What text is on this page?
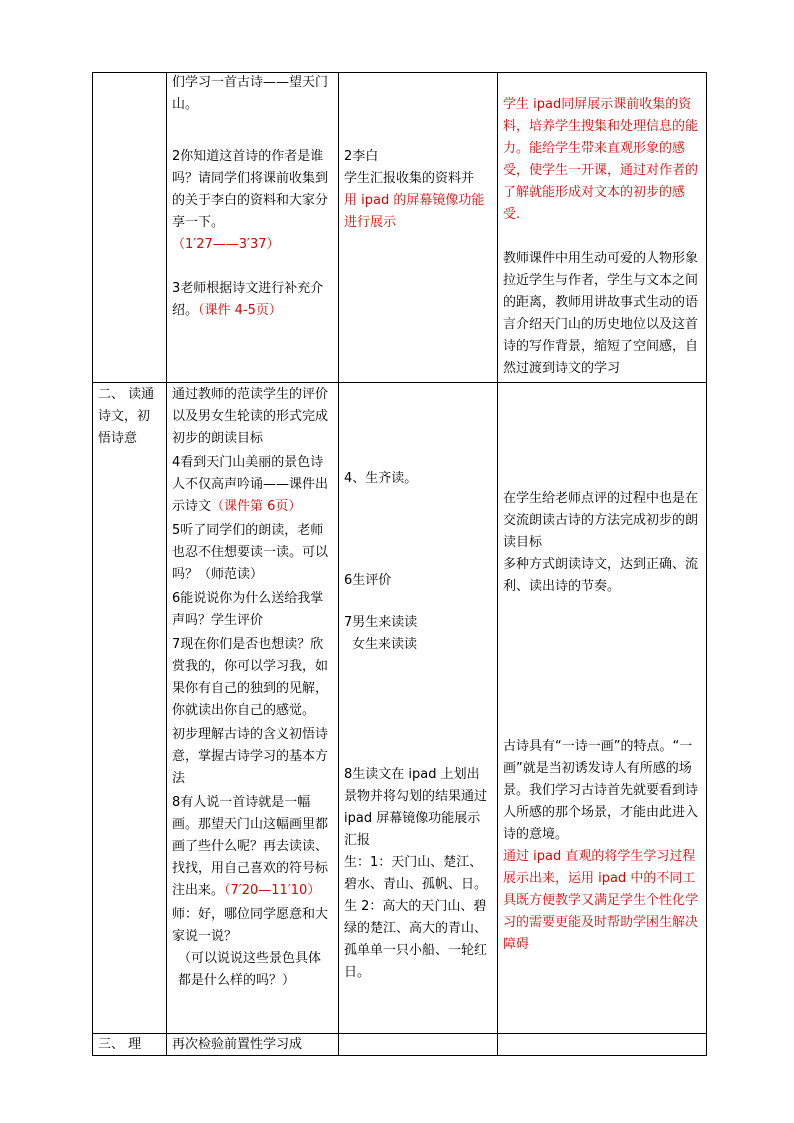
们学习一首古诗——望天门山。

2你知道这首诗的作者是谁吗？请同学们将课前收集到的关于李白的资料和大家分享一下。
（1′27——3′37）

3老师根据诗文进行补充介绍。（课件 4-5页）

2李白

学生汇报收集的资料并

用 ipad 的屏幕镜像功能进行展示

学生 ipad同屏展示课前收集的资料，培养学生搜集和处理信息的能力。能给学生带来直观形象的感受，使学生一开课，通过对作者的了解就能形成对文本的初步的感受.

教师课件中用生动可爱的人物形象拉近学生与作者，学生与文本之间的距离，教师用讲故事式生动的语言介绍天门山的历史地位以及这首诗的写作背景，缩短了空间感，自然过渡到诗文的学习

二、 读通诗文，初悟诗意

通过教师的范读学生的评价以及男女生轮读的形式完成初步的朗读目标

4看到天门山美丽的景色诗人不仅高声吟诵——课件出示诗文（课件第 6页）

5听了同学们的朗读，老师也忍不住想要读一读。可以吗？（师范读）

6能说说你为什么送给我掌声吗？学生评价

7现在你们是否也想读？欣赏我的，你可以学习我，如果你有自己的独到的见解，你就读出你自己的感觉。

初步理解古诗的含义初悟诗意，掌握古诗学习的基本方法

8有人说一首诗就是一幅画。那望天门山这幅画里都画了些什么呢？再去读读、找找，用自己喜欢的符号标注出来。（7′20—11′10）

师：好，哪位同学愿意和大家说一说？

（可以说说这些景色具体都是什么样的吗？）

4、生齐读。

6生评价

7男生来读读

女生来读读

8生读文在 ipad 上划出景物并将勾划的结果通过 ipad 屏幕镜像功能展示

汇报

生：1：天门山、楚江、碧水、青山、孤帆、日。

生 2：高大的天门山、碧绿的楚江、高大的青山、孤单单一只小船、一轮红日。

在学生给老师点评的过程中也是在交流朗读古诗的方法完成初步的朗读目标

多种方式朗读诗文，达到正确、流利、读出诗的节奏。

古诗具有“一诗一画”的特点。“一画”就是当初诱发诗人有所感的场景。我们学习古诗首先就要看到诗人所感的那个场景，才能由此进入诗的意境。

通过 ipad 直观的将学生学习过程展示出来，运用 ipad 中的不同工具既方便教学又满足学生个性化学习的需要更能及时帮助学困生解决障碍

三、 理	再次检验前置性学习成
